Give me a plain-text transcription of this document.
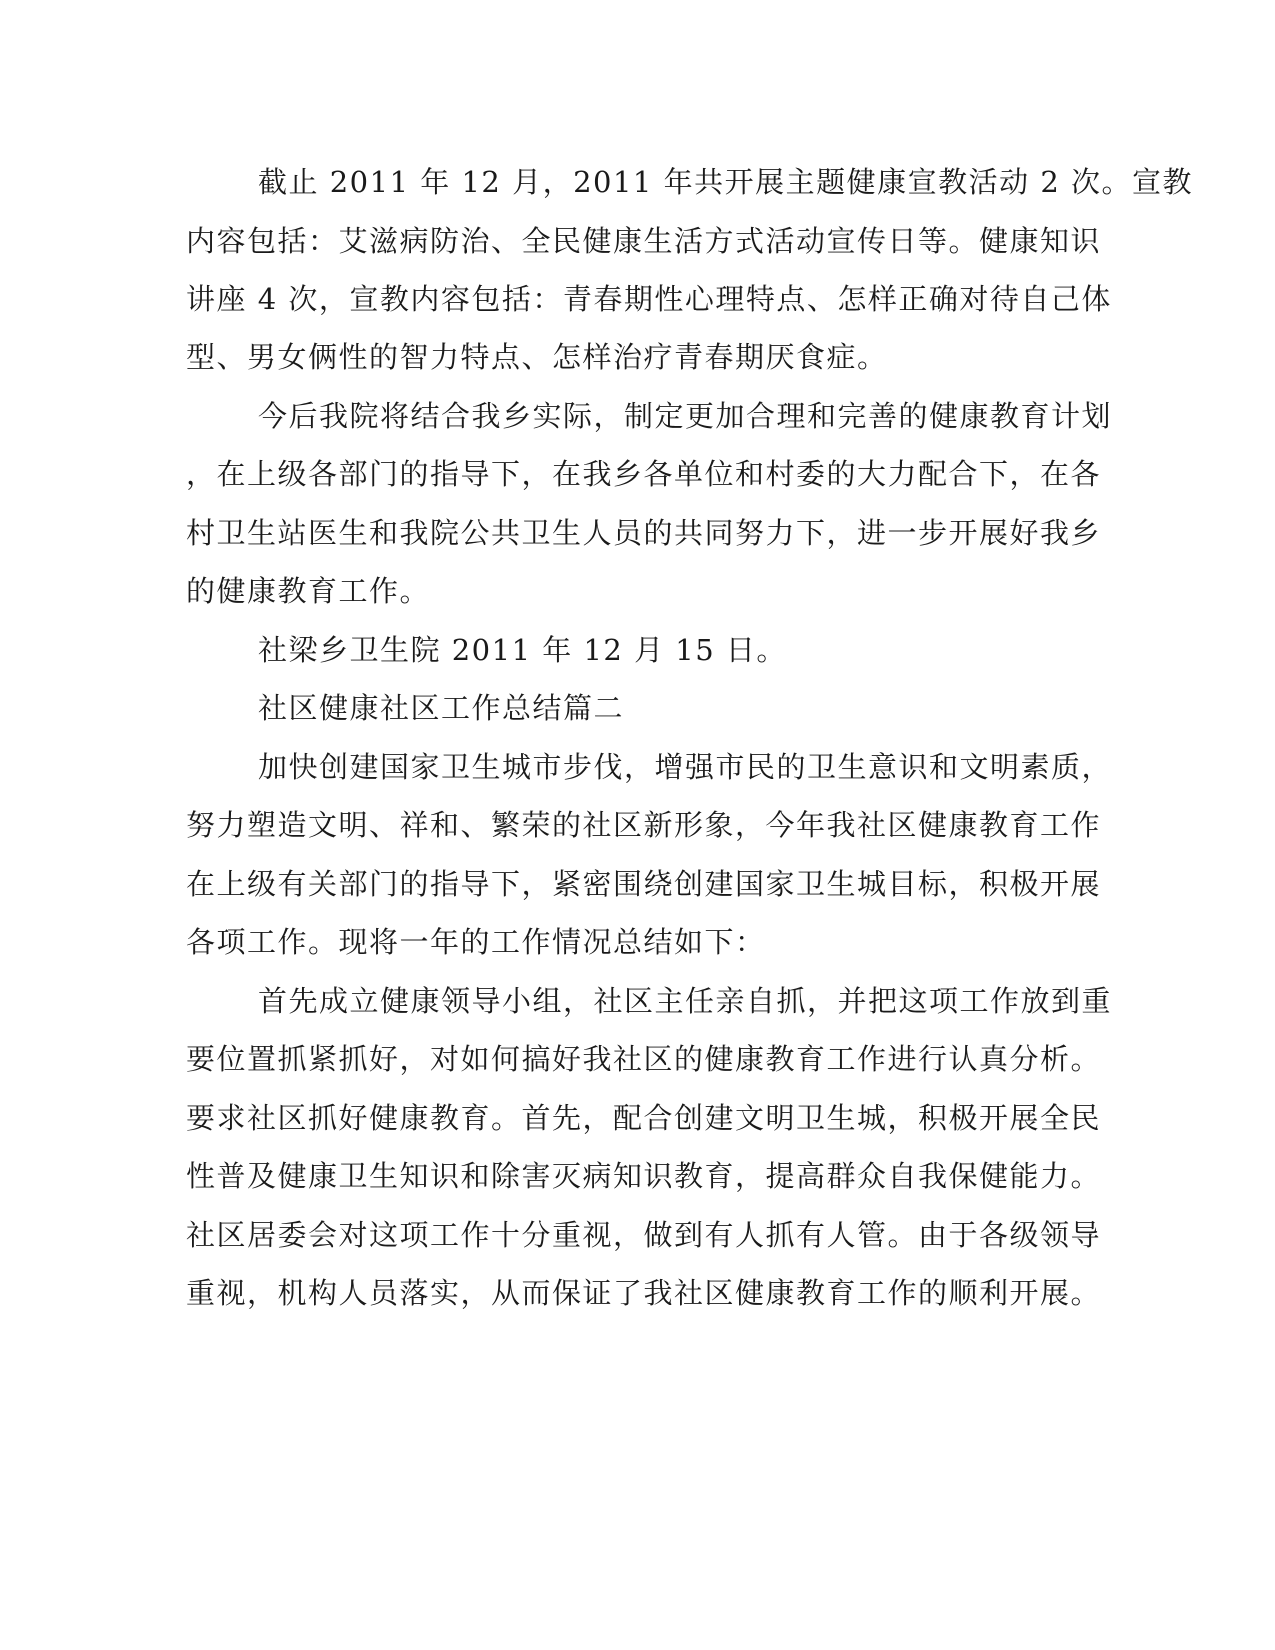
截止 2011 年 12 月，2011 年共开展主题健康宣教活动 2 次。宣教
内容包括：艾滋病防治、全民健康生活方式活动宣传日等。健康知识
讲座 4 次，宣教内容包括：青春期性心理特点、怎样正确对待自己体
型、男女俩性的智力特点、怎样治疗青春期厌食症。
今后我院将结合我乡实际，制定更加合理和完善的健康教育计划
，在上级各部门的指导下，在我乡各单位和村委的大力配合下，在各
村卫生站医生和我院公共卫生人员的共同努力下，进一步开展好我乡
的健康教育工作。
社梁乡卫生院 2011 年 12 月 15 日。
社区健康社区工作总结篇二
加快创建国家卫生城市步伐，增强市民的卫生意识和文明素质，
努力塑造文明、祥和、繁荣的社区新形象，今年我社区健康教育工作
在上级有关部门的指导下，紧密围绕创建国家卫生城目标，积极开展
各项工作。现将一年的工作情况总结如下：
首先成立健康领导小组，社区主任亲自抓，并把这项工作放到重
要位置抓紧抓好，对如何搞好我社区的健康教育工作进行认真分析。
要求社区抓好健康教育。首先，配合创建文明卫生城，积极开展全民
性普及健康卫生知识和除害灭病知识教育，提高群众自我保健能力。
社区居委会对这项工作十分重视，做到有人抓有人管。由于各级领导
重视，机构人员落实，从而保证了我社区健康教育工作的顺利开展。
